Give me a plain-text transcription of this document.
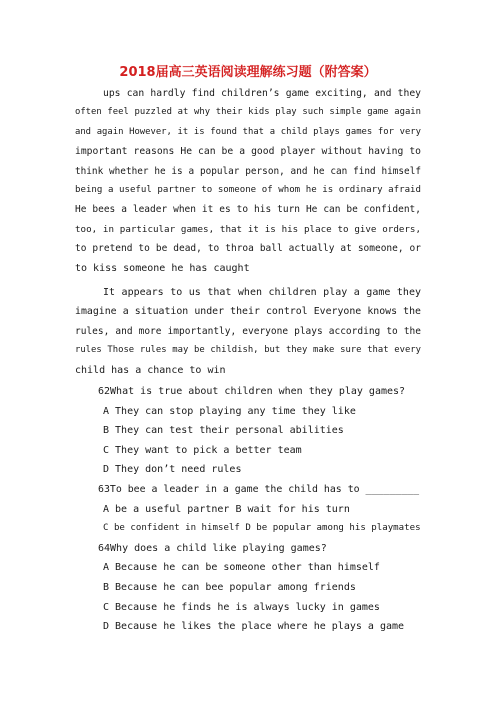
2018届高三英语阅读理解练习题（附答案）
ups can hardly find children’s game exciting, and they
often feel puzzled at why their kids play such simple game again
and again However, it is found that a child plays games for very
important reasons He can be a good player without having to
think whether he is a popular person, and he can find himself
being a useful partner to someone of whom he is ordinary afraid
He bees a leader when it es to his turn He can be confident,
too, in particular games, that it is his place to give orders,
to pretend to be dead, to throa ball actually at someone, or
to kiss someone he has caught
It appears to us that when children play a game they
imagine a situation under their control Everyone knows the
rules, and more importantly, everyone plays according to the
rules Those rules may be childish, but they make sure that every
child has a chance to win
62What is true about children when they play games?
A They can stop playing any time they like
B They can test their personal abilities
C They want to pick a better team
D They don’t need rules
63To bee a leader in a game the child has to _________
A be a useful partner B wait for his turn
C be confident in himself D be popular among his playmates
64Why does a child like playing games?
A Because he can be someone other than himself
B Because he can bee popular among friends
C Because he finds he is always lucky in games
D Because he likes the place where he plays a game
